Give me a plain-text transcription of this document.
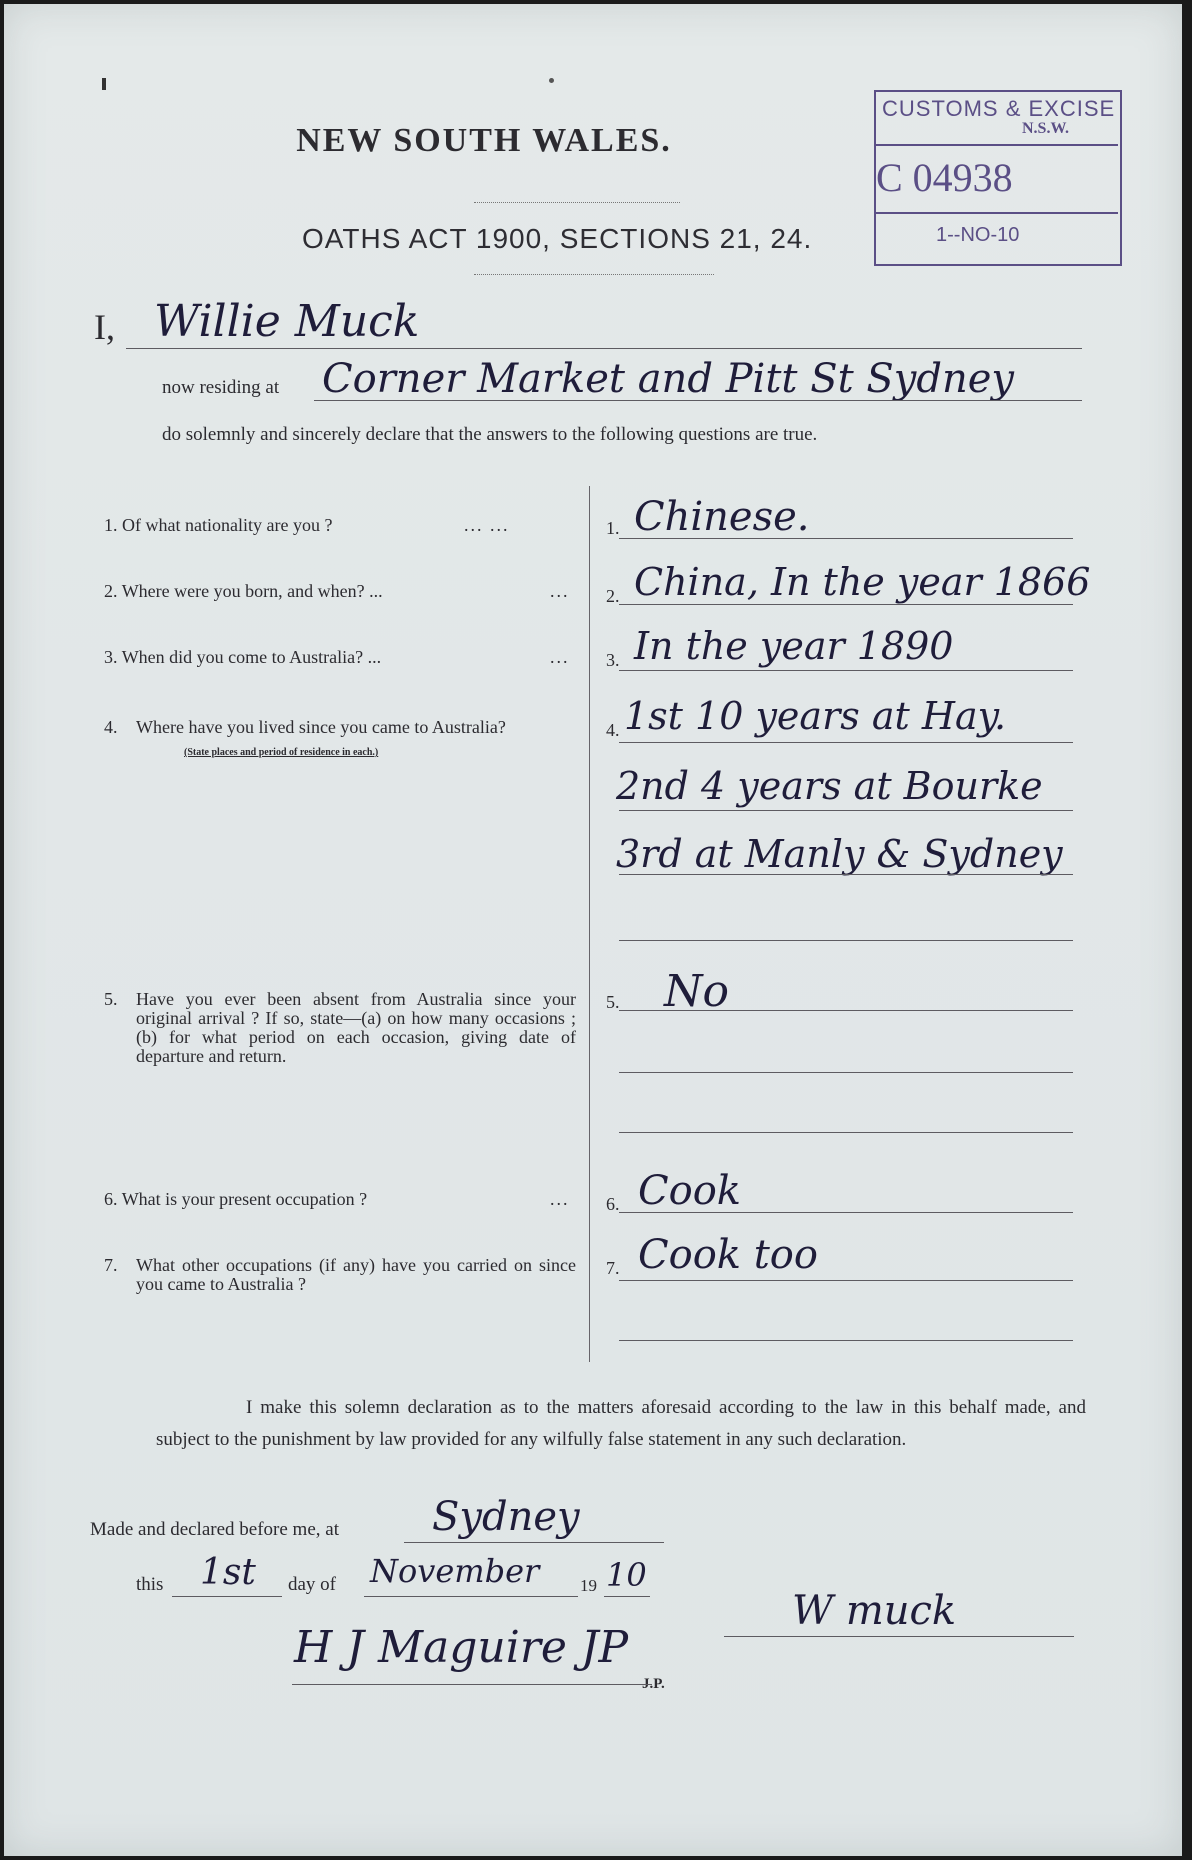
NEW SOUTH WALES.
OATHS ACT 1900, SECTIONS 21, 24.
CUSTOMS & EXCISE
N.S.W.
C 04938
1--NO-10
I, Willie Muck
now residing at Corner Market and Pitt St Sydney
do solemnly and sincerely declare that the answers to the following questions are true.
1. Of what nationality are you ?	... ...	1. Chinese.
2. Where were you born, and when? ...	... 2. China, In the year 1866
3. When did you come to Australia? ...	... 3. In the year 1890
4.	Where have you lived since you came to Australia?
(State places and period of residence in each.)
4. 1st 10 years at Hay.
2nd 4 years at Bourke
3rd at Manly & Sydney
5.	Have you ever been absent from Australia since your original arrival ? If so, state—(a) on how many occasions ; (b) for what period on each occasion, giving date of departure and return.
5. No
6. What is your present occupation ?	... 6. Cook
7.	What other occupations (if any) have you carried on since you came to Australia ?
7. Cook too
I make this solemn declaration as to the matters aforesaid according to the law in this behalf made, and subject to the punishment by law provided for any wilfully false statement in any such declaration.
Made and declared before me, at Sydney
this 1st day of November 19 10
H J Maguire JP
J.P.
W muck
